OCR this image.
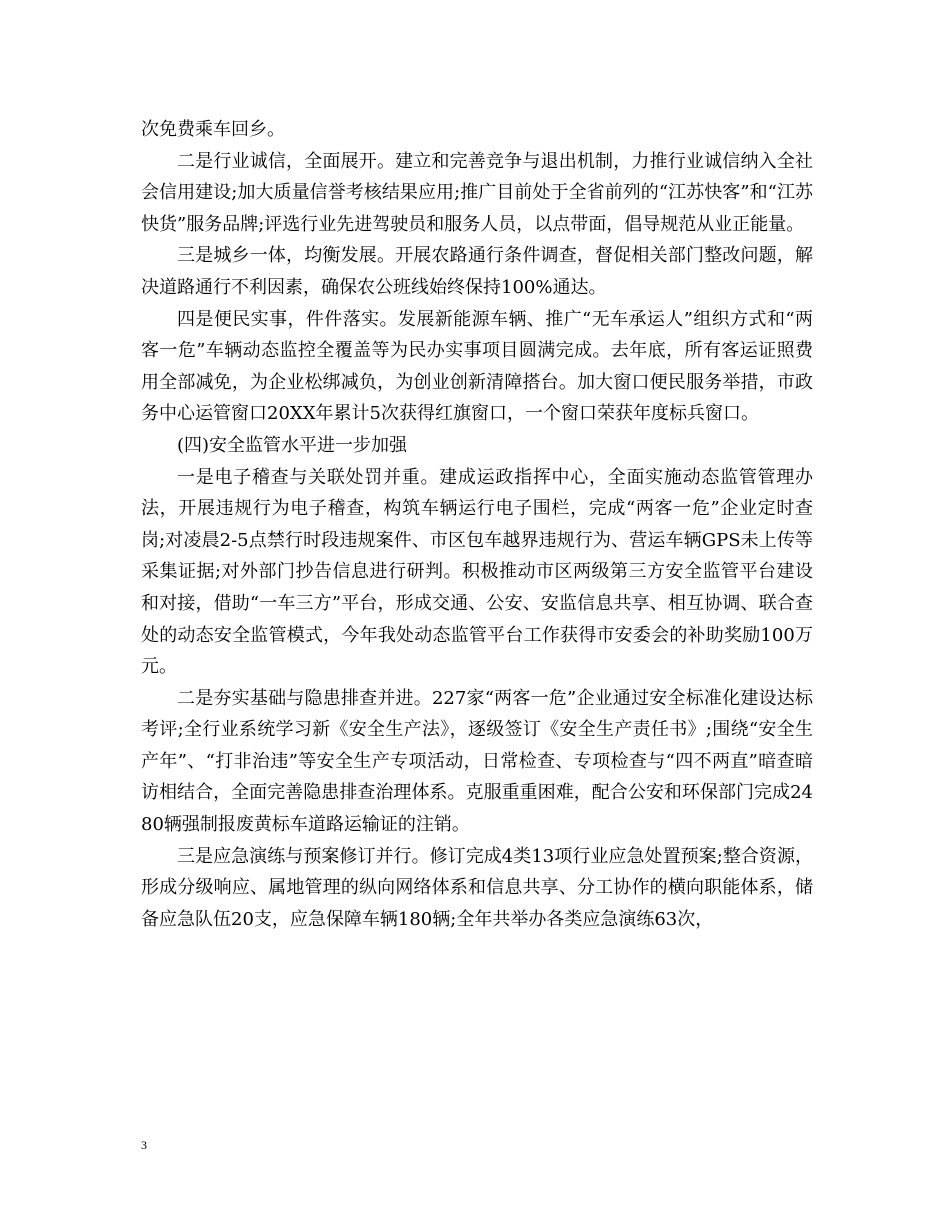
次免费乘车回乡。

二是行业诚信，全面展开。建立和完善竞争与退出机制，力推行业诚信纳入全社会信用建设;加大质量信誉考核结果应用;推广目前处于全省前列的“江苏快客”和“江苏快货”服务品牌;评选行业先进驾驶员和服务人员，以点带面，倡导规范从业正能量。

三是城乡一体，均衡发展。开展农路通行条件调查，督促相关部门整改问题，解决道路通行不利因素，确保农公班线始终保持100%通达。

四是便民实事，件件落实。发展新能源车辆、推广“无车承运人”组织方式和“两客一危”车辆动态监控全覆盖等为民办实事项目圆满完成。去年底，所有客运证照费用全部减免，为企业松绑减负，为创业创新清障搭台。加大窗口便民服务举措，市政务中心运管窗口20XX年累计5次获得红旗窗口，一个窗口荣获年度标兵窗口。

(四)安全监管水平进一步加强

一是电子稽查与关联处罚并重。建成运政指挥中心，全面实施动态监管管理办法，开展违规行为电子稽查，构筑车辆运行电子围栏，完成“两客一危”企业定时查岗;对凌晨2-5点禁行时段违规案件、市区包车越界违规行为、营运车辆GPS未上传等采集证据;对外部门抄告信息进行研判。积极推动市区两级第三方安全监管平台建设和对接，借助“一车三方”平台，形成交通、公安、安监信息共享、相互协调、联合查处的动态安全监管模式，今年我处动态监管平台工作获得市安委会的补助奖励100万元。

二是夯实基础与隐患排查并进。227家“两客一危”企业通过安全标准化建设达标考评;全行业系统学习新《安全生产法》，逐级签订《安全生产责任书》;围绕“安全生产年”、“打非治违”等安全生产专项活动，日常检查、专项检查与“四不两直”暗查暗访相结合，全面完善隐患排查治理体系。克服重重困难，配合公安和环保部门完成2480辆强制报废黄标车道路运输证的注销。

三是应急演练与预案修订并行。修订完成4类13项行业应急处置预案;整合资源，形成分级响应、属地管理的纵向网络体系和信息共享、分工协作的横向职能体系，储备应急队伍20支，应急保障车辆180辆;全年共举办各类应急演练63次，

3
